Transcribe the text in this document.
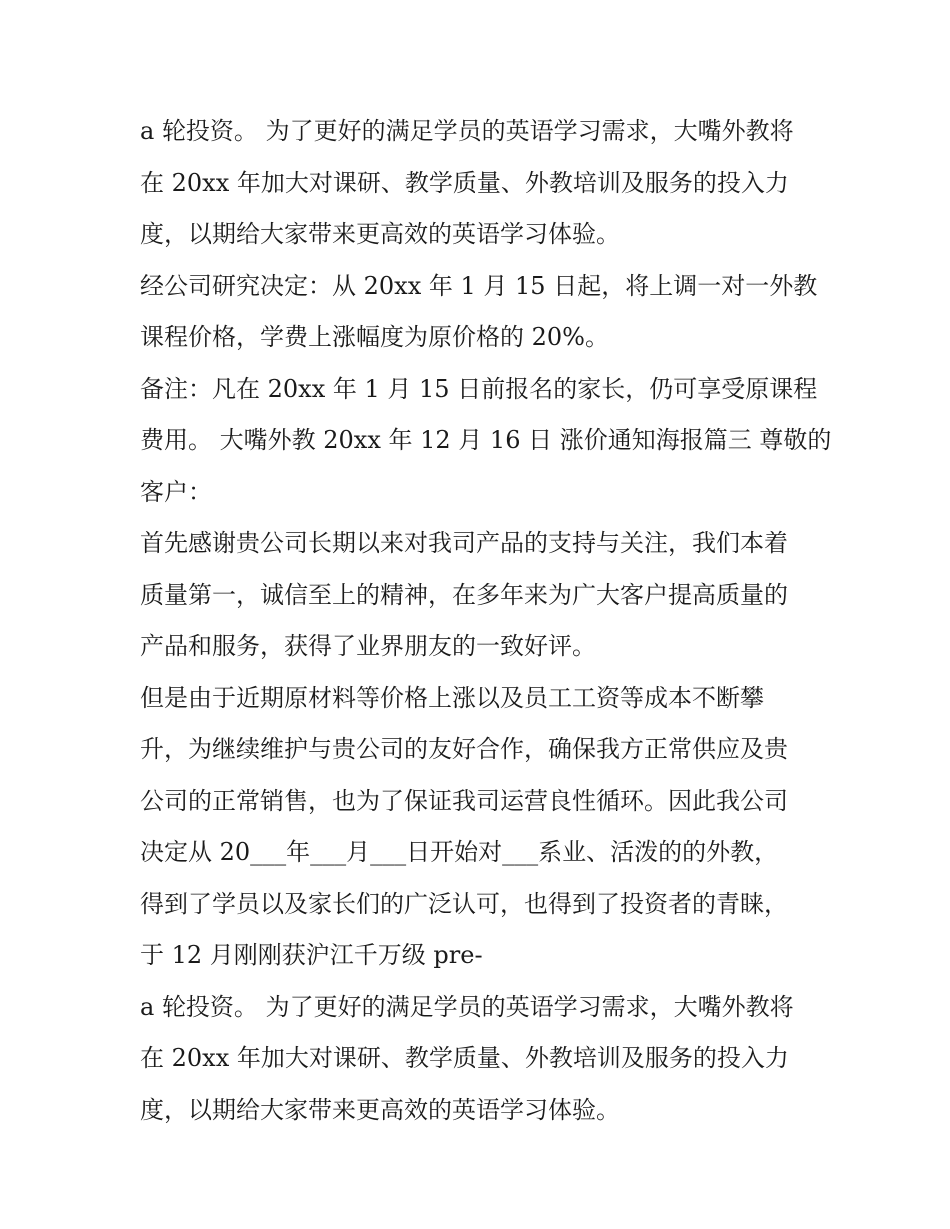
a 轮投资。 为了更好的满足学员的英语学习需求，大嘴外教将
在 20xx 年加大对课研、教学质量、外教培训及服务的投入力
度，以期给大家带来更高效的英语学习体验。
经公司研究决定：从 20xx 年 1 月 15 日起，将上调一对一外教
课程价格，学费上涨幅度为原价格的 20%。
备注：凡在 20xx 年 1 月 15 日前报名的家长，仍可享受原课程
费用。 大嘴外教 20xx 年 12 月 16 日 涨价通知海报篇三 尊敬的
客户：
首先感谢贵公司长期以来对我司产品的支持与关注，我们本着
质量第一，诚信至上的精神，在多年来为广大客户提高质量的
产品和服务，获得了业界朋友的一致好评。
但是由于近期原材料等价格上涨以及员工工资等成本不断攀
升，为继续维护与贵公司的友好合作，确保我方正常供应及贵
公司的正常销售，也为了保证我司运营良性循环。因此我公司
决定从 20___年___月___日开始对___系业、活泼的的外教，
得到了学员以及家长们的广泛认可，也得到了投资者的青睐，
于 12 月刚刚获沪江千万级 pre-
a 轮投资。 为了更好的满足学员的英语学习需求，大嘴外教将
在 20xx 年加大对课研、教学质量、外教培训及服务的投入力
度，以期给大家带来更高效的英语学习体验。
